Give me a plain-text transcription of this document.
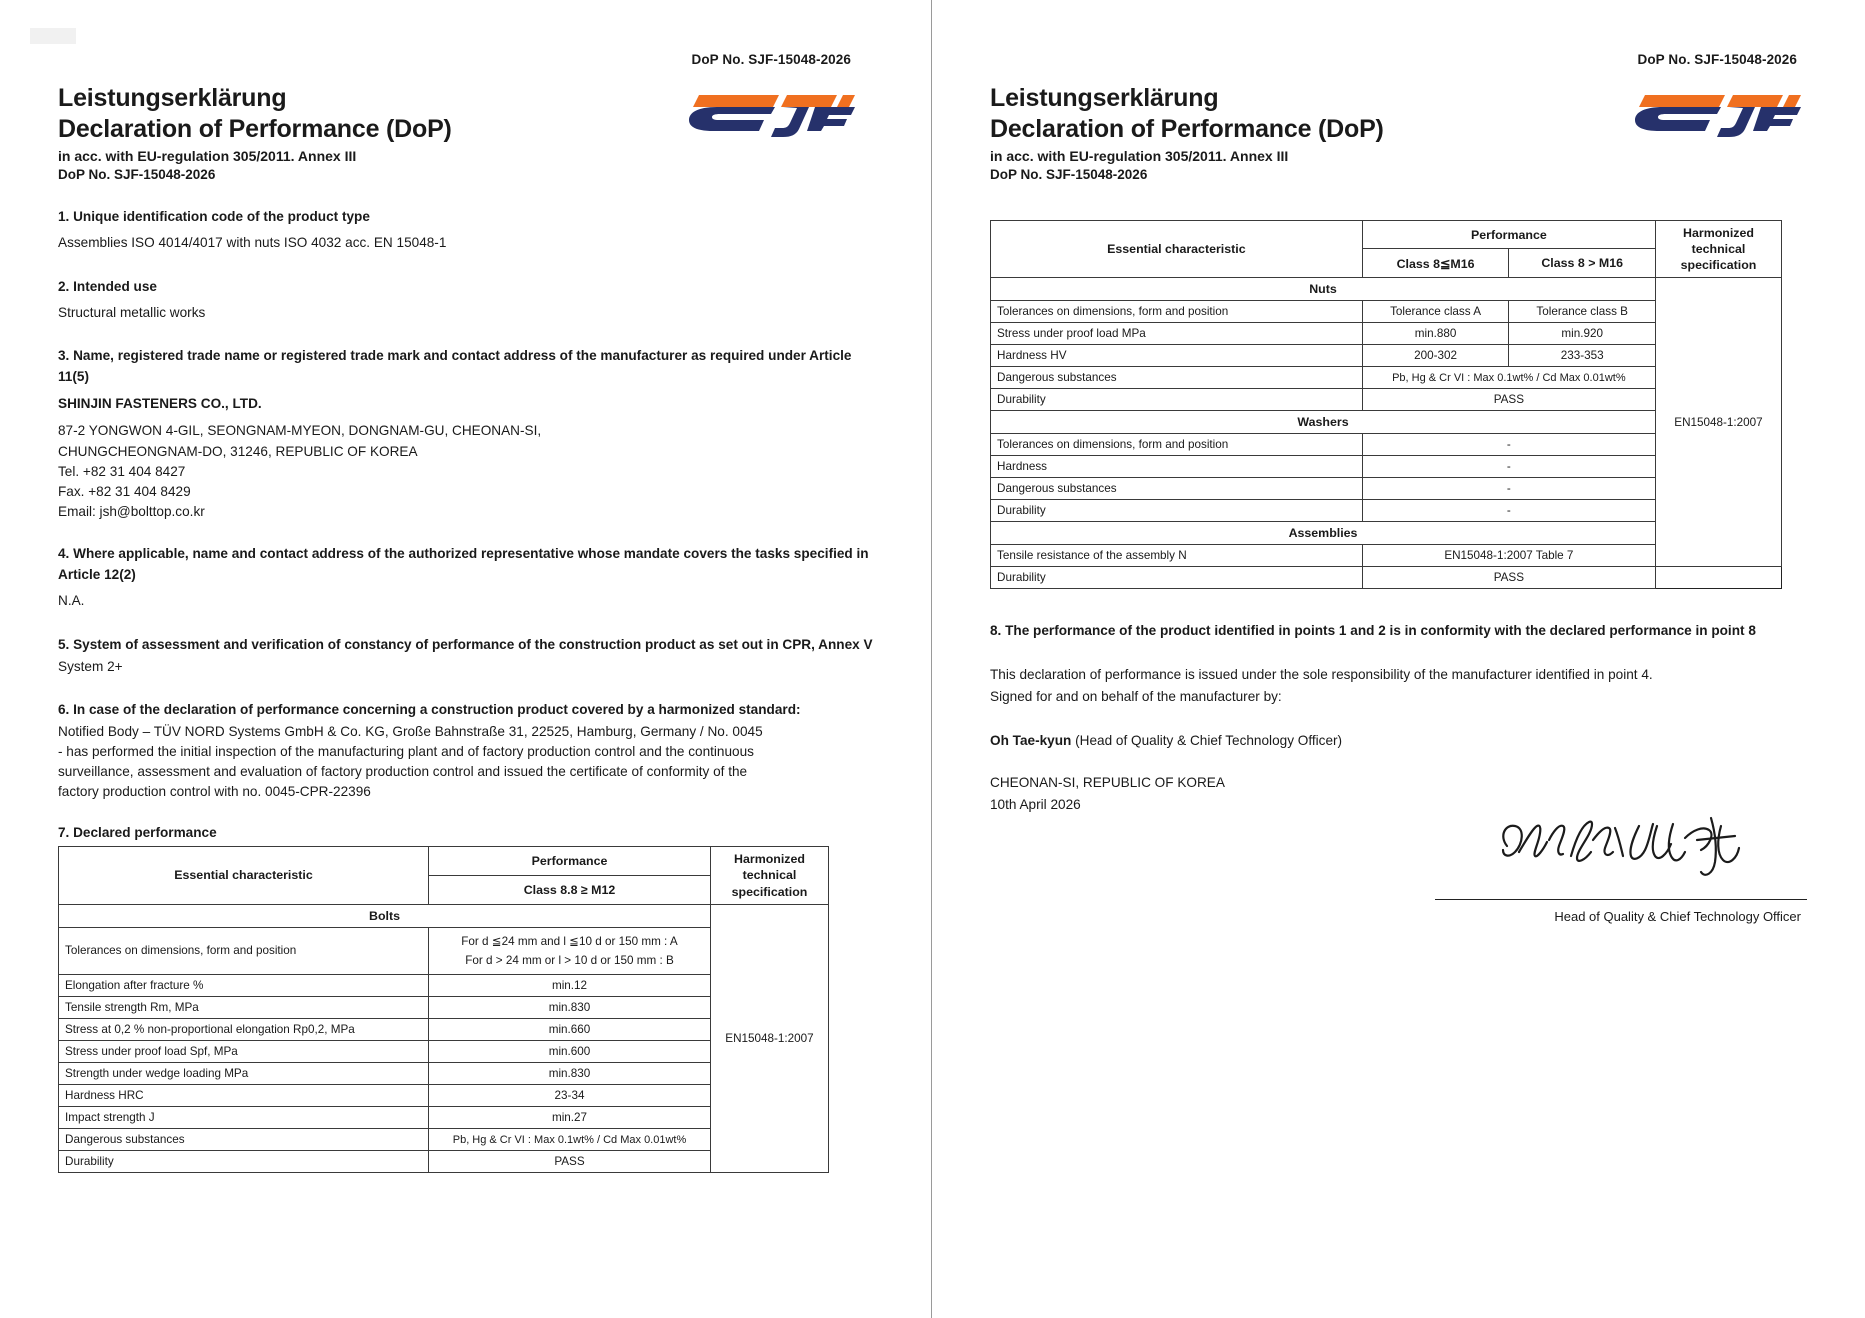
DoP No. SJF-15048-2026
Leistungserklärung
Declaration of Performance (DoP)
in acc. with EU-regulation 305/2011. Annex III
DoP No. SJF-15048-2026
1. Unique identification code of the product type
Assemblies ISO 4014/4017 with nuts ISO 4032 acc. EN 15048-1
2. Intended use
Structural metallic works
3. Name, registered trade name or registered trade mark and contact address of the manufacturer as required under Article 11(5)
SHINJIN FASTENERS CO., LTD.
87-2 YONGWON 4-GIL, SEONGNAM-MYEON, DONGNAM-GU, CHEONAN-SI,
CHUNGCHEONGNAM-DO, 31246, REPUBLIC OF KOREA
Tel. +82 31 404 8427
Fax. +82 31 404 8429
Email: jsh@bolttop.co.kr
4. Where applicable, name and contact address of the authorized representative whose mandate covers the tasks specified in Article 12(2)
N.A.
5. System of assessment and verification of constancy of performance of the construction product as set out in CPR, Annex V
System 2+
6. In case of the declaration of performance concerning a construction product covered by a harmonized standard:
Notified Body – TÜV NORD Systems GmbH & Co. KG, Große Bahnstraße 31, 22525, Hamburg, Germany / No. 0045
- has performed the initial inspection of the manufacturing plant and of factory production control and the continuous
surveillance, assessment and evaluation of factory production control and issued the certificate of conformity of the
factory production control with no. 0045-CPR-22396
7. Declared performance
Essential characteristic	Performance	Harmonized
technical
specification

	Class 8.8 ≥ M12	
Bolts		EN15048-1:2007
Tolerances on dimensions, form and position	For d ≦24 mm and l ≦10 d or 150 mm : A
For d > 24 mm or l > 10 d or 150 mm : B	

Elongation after fracture %	min.12	
Tensile strength Rm, MPa	min.830	
Stress at 0,2 % non-proportional elongation Rp0,2, MPa	min.660	
Stress under proof load Spf, MPa	min.600	
Strength under wedge loading MPa	min.830	
Hardness HRC	23-34	
Impact strength J	min.27	
Dangerous substances	Pb, Hg & Cr VI : Max 0.1wt% / Cd Max 0.01wt%	
Durability	PASS	
DoP No. SJF-15048-2026
Leistungserklärung
Declaration of Performance (DoP)
in acc. with EU-regulation 305/2011. Annex III
DoP No. SJF-15048-2026
Essential characteristic	Performance		Harmonized
technical
specification

	Class 8≦M16	Class 8 > M16	
Nuts			EN15048-1:2007
Tolerances on dimensions, form and position	Tolerance class A	Tolerance class B	
Stress under proof load MPa	min.880	min.920	
Hardness HV	200-302	233-353	
Dangerous substances	Pb, Hg & Cr VI : Max 0.1wt% / Cd Max 0.01wt%		
Durability	PASS		
Washers			
Tolerances on dimensions, form and position	-		
Hardness	-		
Dangerous substances	-		
Durability	-		
Assemblies			
Tensile resistance of the assembly N	EN15048-1:2007 Table 7		
Durability	PASS		
8. The performance of the product identified in points 1 and 2 is in conformity with the declared performance in point 8
This declaration of performance is issued under the sole responsibility of the manufacturer identified in point 4.
Signed for and on behalf of the manufacturer by:
Oh Tae-kyun (Head of Quality & Chief Technology Officer)
CHEONAN-SI, REPUBLIC OF KOREA
10th April 2026
Head of Quality & Chief Technology Officer
